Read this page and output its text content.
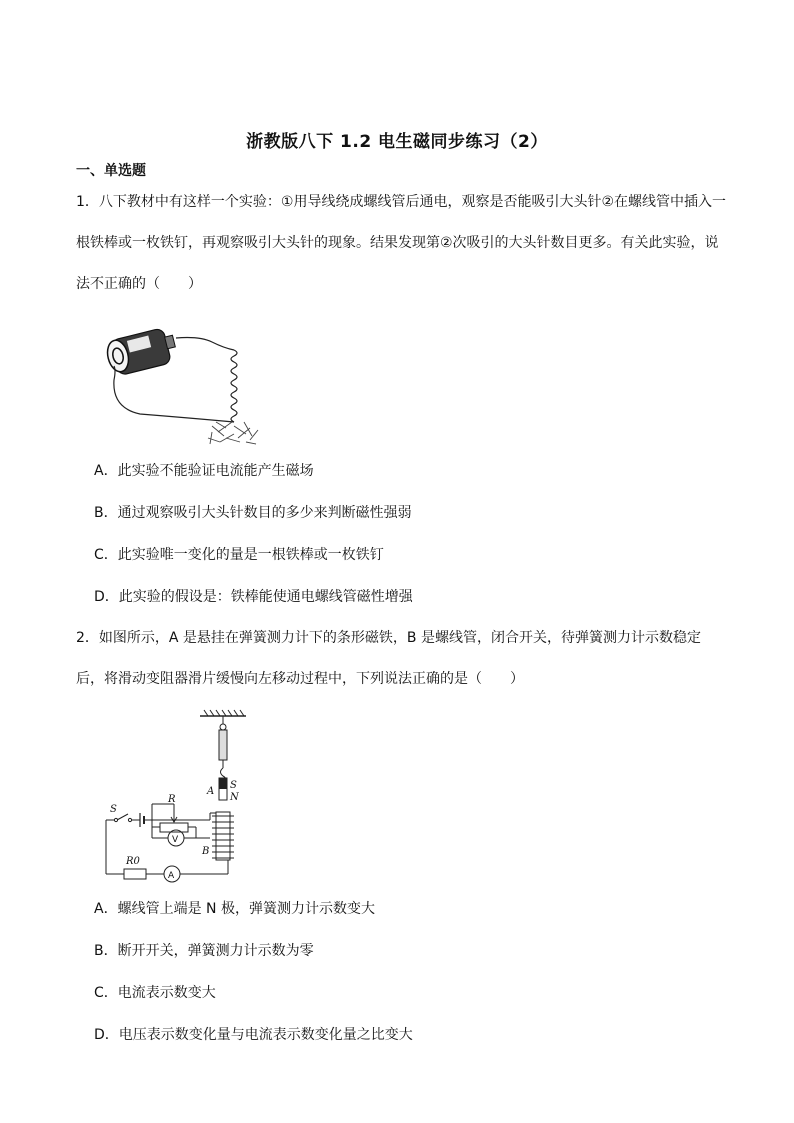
浙教版八下 1.2 电生磁同步练习（2）
一、单选题
1．八下教材中有这样一个实验：①用导线绕成螺线管后通电，观察是否能吸引大头针②在螺线管中插入一根铁棒或一枚铁钉，再观察吸引大头针的现象。结果发现第②次吸引的大头针数目更多。有关此实验，说法不正确的（　　）
A．此实验不能验证电流能产生磁场
B．通过观察吸引大头针数目的多少来判断磁性强弱
C．此实验唯一变化的量是一根铁棒或一枚铁钉
D．此实验的假设是：铁棒能使通电螺线管磁性增强
2．如图所示，A 是悬挂在弹簧测力计下的条形磁铁，B 是螺线管，闭合开关，待弹簧测力计示数稳定后，将滑动变阻器滑片缓慢向左移动过程中，下列说法正确的是（　　）
A
S
N
S
R
V
B
R0
A
A．螺线管上端是 N 极，弹簧测力计示数变大
B．断开开关，弹簧测力计示数为零
C．电流表示数变大
D．电压表示数变化量与电流表示数变化量之比变大
